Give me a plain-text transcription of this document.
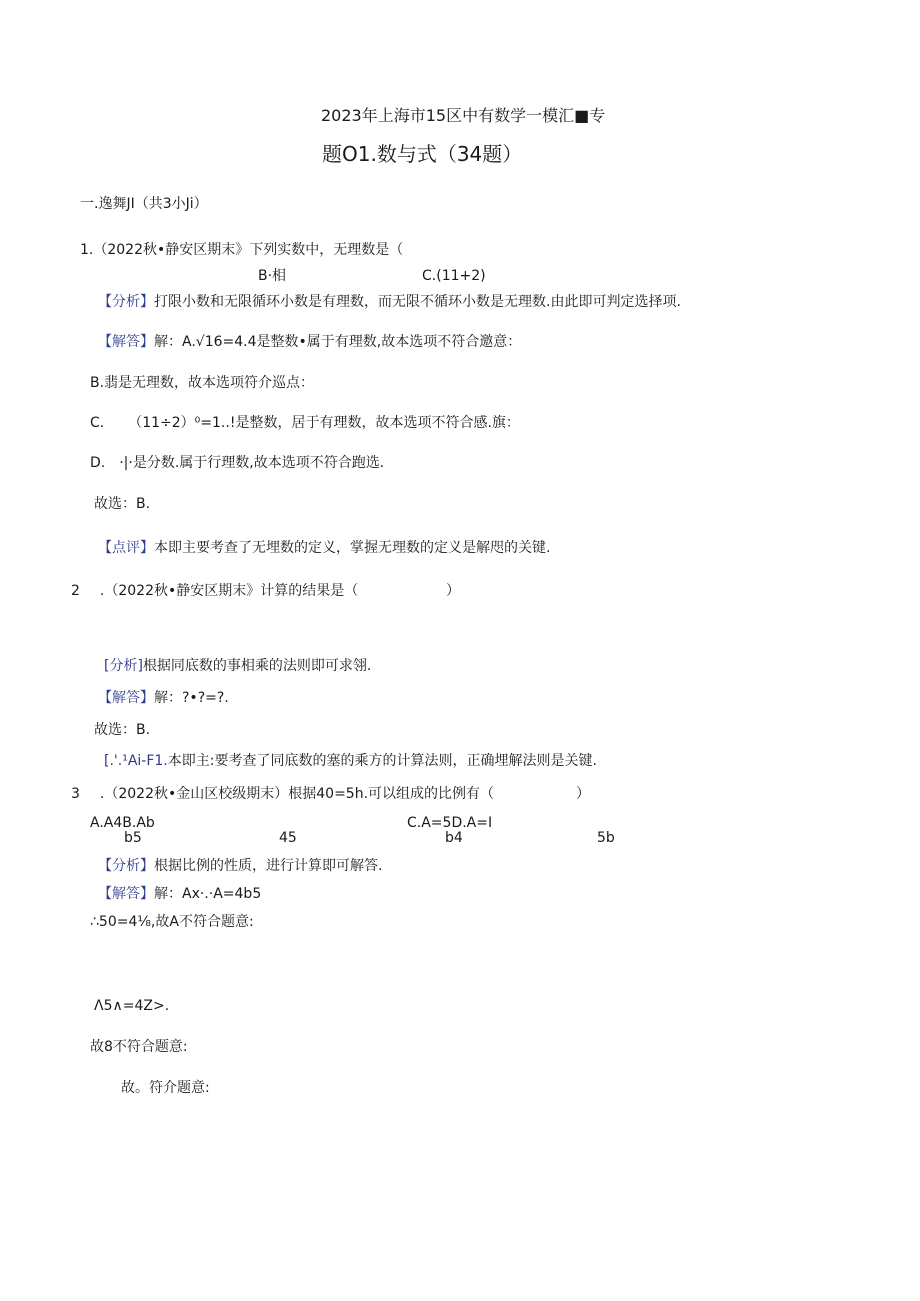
2023年上海市15区中有数学一模汇■专
题O1.数与式（34题）
一.逸舞JI（共3小Ji）
1.（2022秋•静安区期末》下列实数中，无理数是（
B·相	C.(11+2)
【分析】打限小数和无限循环小数是有理数，而无限不循环小数是无理数.由此即可判定选择项.
【解答】解：A.√16=4.4是整数•属于有理数,故本选项不符合邀意：
B.翡是无理数，故本选项符介巡点：
C. （11÷2）⁰=1..!是整数，居于有理数，故本选项不符合感.旗：
D. ·|·是分数.属于行理数,故本选项不符合跑选.
故选：B.
【点评】本即主要考查了无埋数的定义，掌握无理数的定义是解咫的关键.
2 .（2022秋•静安区期末》计算的结果是（	）
[分析]根据同底数的事相乘的法则即可求翎.
【解答】解：?•?=?.
故选：B.
[.'.¹Ai-F1.本即主:要考查了同底数的塞的乘方的计算法则，正确埋解法则是关键.
3 .（2022秋•金山区校级期末）根据40=5h.可以组成的比例有（	）
A.A4B.Ab	C.A=5D.A=I
b5	45	b4	5b
【分析】根据比例的性质，进行计算即可解答.
【解答】解：Ax·.·A=4b5
∴50=4⅛,故A不符合题意:
Λ5∧=4Z>.
故8不符合题意:
故。符介题意:
